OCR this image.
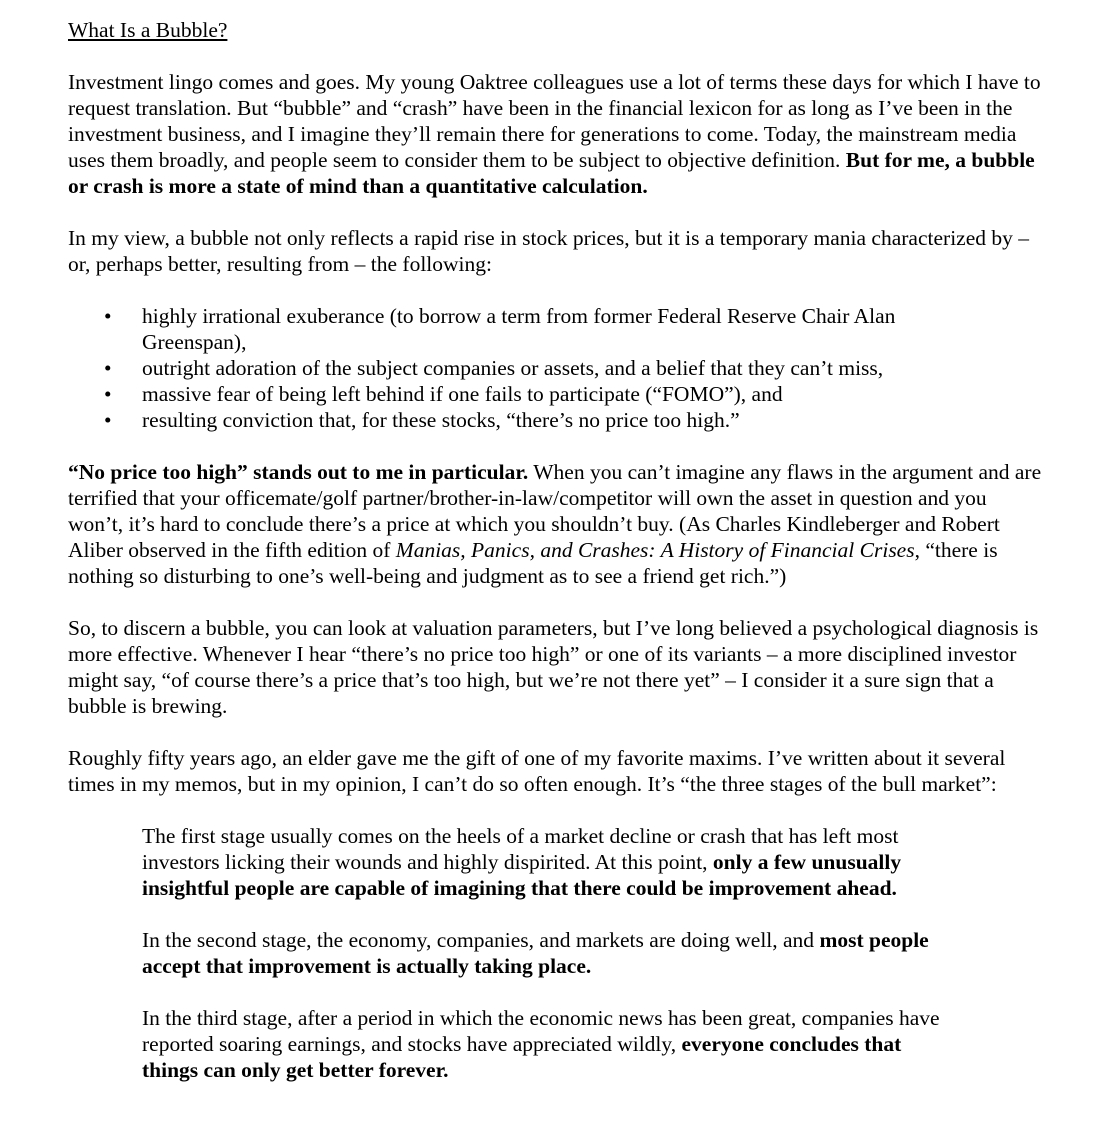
What Is a Bubble?

Investment lingo comes and goes. My young Oaktree colleagues use a lot of terms these days for which I have to request translation. But “bubble” and “crash” have been in the financial lexicon for as long as I’ve been in the investment business, and I imagine they’ll remain there for generations to come. Today, the mainstream media uses them broadly, and people seem to consider them to be subject to objective definition. But for me, a bubble or crash is more a state of mind than a quantitative calculation.

In my view, a bubble not only reflects a rapid rise in stock prices, but it is a temporary mania characterized by – or, perhaps better, resulting from – the following:

• highly irrational exuberance (to borrow a term from former Federal Reserve Chair Alan Greenspan),
• outright adoration of the subject companies or assets, and a belief that they can’t miss,
• massive fear of being left behind if one fails to participate (“FOMO”), and
• resulting conviction that, for these stocks, “there’s no price too high.”

“No price too high” stands out to me in particular. When you can’t imagine any flaws in the argument and are terrified that your officemate/golf partner/brother-in-law/competitor will own the asset in question and you won’t, it’s hard to conclude there’s a price at which you shouldn’t buy. (As Charles Kindleberger and Robert Aliber observed in the fifth edition of Manias, Panics, and Crashes: A History of Financial Crises, “there is nothing so disturbing to one’s well-being and judgment as to see a friend get rich.”)

So, to discern a bubble, you can look at valuation parameters, but I’ve long believed a psychological diagnosis is more effective. Whenever I hear “there’s no price too high” or one of its variants – a more disciplined investor might say, “of course there’s a price that’s too high, but we’re not there yet” – I consider it a sure sign that a bubble is brewing.

Roughly fifty years ago, an elder gave me the gift of one of my favorite maxims. I’ve written about it several times in my memos, but in my opinion, I can’t do so often enough. It’s “the three stages of the bull market”:

The first stage usually comes on the heels of a market decline or crash that has left most investors licking their wounds and highly dispirited. At this point, only a few unusually insightful people are capable of imagining that there could be improvement ahead.

In the second stage, the economy, companies, and markets are doing well, and most people accept that improvement is actually taking place.

In the third stage, after a period in which the economic news has been great, companies have reported soaring earnings, and stocks have appreciated wildly, everyone concludes that things can only get better forever.
